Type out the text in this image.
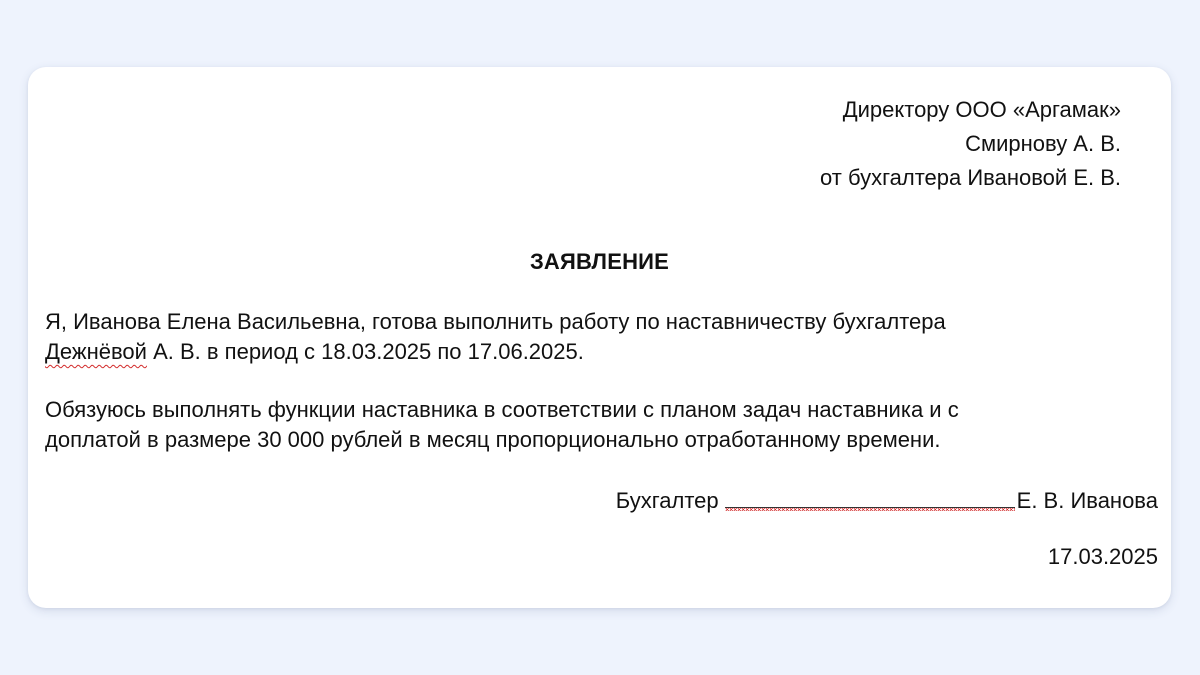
Директору ООО «Аргамак»
Смирнову А. В.
от бухгалтера Ивановой Е. В.
ЗАЯВЛЕНИЕ
Я, Иванова Елена Васильевна, готова выполнить работу по наставничеству бухгалтера
Дежнёвой А. В. в период с 18.03.2025 по 17.06.2025.
Обязуюсь выполнять функции наставника в соответствии с планом задач наставника и с
доплатой в размере 30 000 рублей в месяц пропорционально отработанному времени.
Бухгалтер	Е. В. Иванова
17.03.2025
